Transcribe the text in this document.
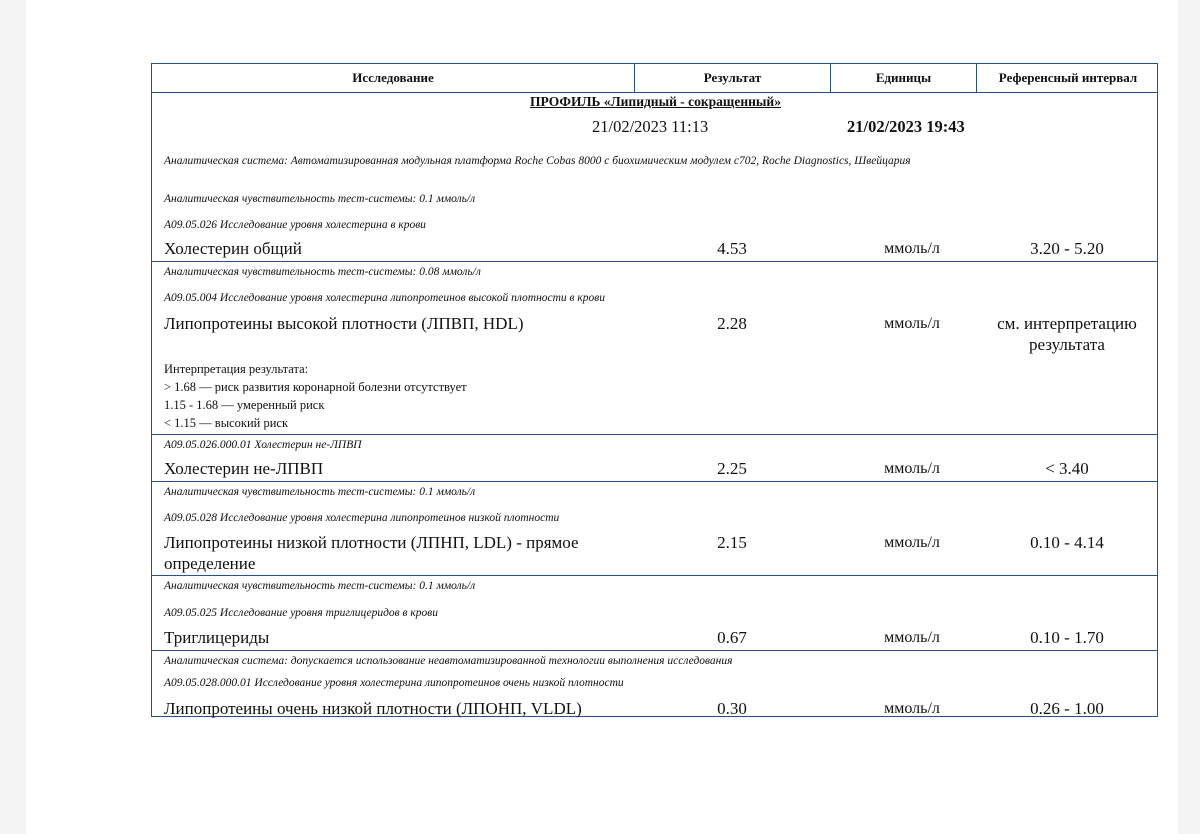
Исследование	Результат	Единицы	Референсный интервал
ПРОФИЛЬ «Липидный - сокращенный»
21/02/2023 11:13	21/02/2023 19:43
Аналитическая система: Автоматизированная модульная платформа Roche Cobas 8000 с биохимическим модулем c702, Roche Diagnostics, Швейцария
Аналитическая чувствительность тест-системы: 0.1 ммоль/л
A09.05.026 Исследование уровня холестерина в крови
Холестерин общий	4.53	ммоль/л	3.20 - 5.20
Аналитическая чувствительность тест-системы: 0.08 ммоль/л
A09.05.004 Исследование уровня холестерина липопротеинов высокой плотности в крови
Липопротеины высокой плотности (ЛПВП, HDL)	2.28	ммоль/л	см. интерпретацию результата
Интерпретация результата:
> 1.68 — риск развития коронарной болезни отсутствует
1.15 - 1.68 — умеренный риск
< 1.15 — высокий риск
A09.05.026.000.01 Холестерин не-ЛПВП
Холестерин не-ЛПВП	2.25	ммоль/л	< 3.40
Аналитическая чувствительность тест-системы: 0.1 ммоль/л
A09.05.028 Исследование уровня холестерина липопротеинов низкой плотности
Липопротеины низкой плотности (ЛПНП, LDL) - прямое определение
2.15	ммоль/л	0.10 - 4.14
Аналитическая чувствительность тест-системы: 0.1 ммоль/л
A09.05.025 Исследование уровня триглицеридов в крови
Триглицериды	0.67	ммоль/л	0.10 - 1.70
Аналитическая система: допускается использование неавтоматизированной технологии выполнения исследования
A09.05.028.000.01 Исследование уровня холестерина липопротеинов очень низкой плотности
Липопротеины очень низкой плотности (ЛПОНП, VLDL)	0.30	ммоль/л	0.26 - 1.00
